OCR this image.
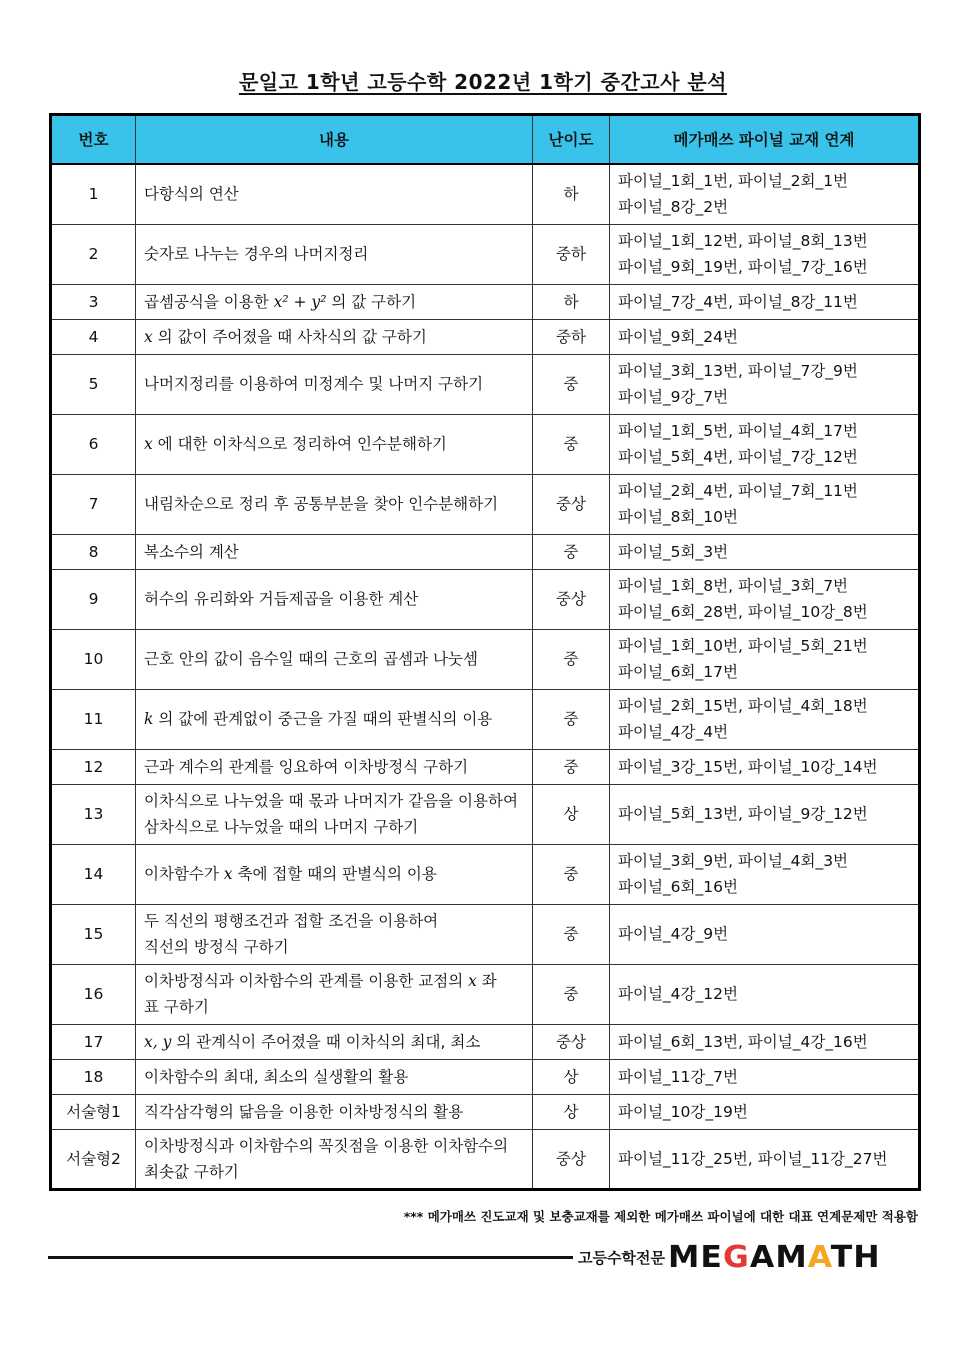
문일고 1학년 고등수학 2022년 1학기 중간고사 분석
번호	내용	난이도	메가매쓰 파이널 교재 연계
1	다항식의 연산	하	파이널_1회_1번, 파이널_2회_1번
파이널_8강_2번

2	숫자로 나누는 경우의 나머지정리	중하	파이널_1회_12번, 파이널_8회_13번
파이널_9회_19번, 파이널_7강_16번

3	곱셈공식을 이용한 x² + y² 의 값 구하기	하	파이널_7강_4번, 파이널_8강_11번

4	x 의 값이 주어졌을 때 사차식의 값 구하기	중하	파이널_9회_24번

5	나머지정리를 이용하여 미정계수 및 나머지 구하기	중	파이널_3회_13번, 파이널_7강_9번
파이널_9강_7번

6	x 에 대한 이차식으로 정리하여 인수분해하기	중	파이널_1회_5번, 파이널_4회_17번
파이널_5회_4번, 파이널_7강_12번

7	내림차순으로 정리 후 공통부분을 찾아 인수분해하기	중상	파이널_2회_4번, 파이널_7회_11번
파이널_8회_10번

8	복소수의 계산	중	파이널_5회_3번

9	허수의 유리화와 거듭제곱을 이용한 계산	중상	파이널_1회_8번, 파이널_3회_7번
파이널_6회_28번, 파이널_10강_8번

10	근호 안의 값이 음수일 때의 근호의 곱셈과 나눗셈	중	파이널_1회_10번, 파이널_5회_21번
파이널_6회_17번

11	k 의 값에 관계없이 중근을 가질 때의 판별식의 이용	중	파이널_2회_15번, 파이널_4회_18번
파이널_4강_4번

12	근과 계수의 관계를 잉요하여 이차방정식 구하기	중	파이널_3강_15번, 파이널_10강_14번

13	이차식으로 나누었을 때 몫과 나머지가 같음을 이용하여
삼차식으로 나누었을 때의 나머지 구하기	상	파이널_5회_13번, 파이널_9강_12번

14	이차함수가 x 축에 접할 때의 판별식의 이용	중	파이널_3회_9번, 파이널_4회_3번
파이널_6회_16번

15	두 직선의 평행조건과 접할 조건을 이용하여
직선의 방정식 구하기	중	파이널_4강_9번

16	이차방정식과 이차함수의 관계를 이용한 교점의 x 좌
표 구하기	중	파이널_4강_12번

17	x, y 의 관계식이 주어졌을 때 이차식의 최대, 최소	중상	파이널_6회_13번, 파이널_4강_16번

18	이차함수의 최대, 최소의 실생활의 활용	상	파이널_11강_7번

서술형1	직각삼각형의 닮음을 이용한 이차방정식의 활용	상	파이널_10강_19번

서술형2	이차방정식과 이차함수의 꼭짓점을 이용한 이차함수의
최솟값 구하기	중상	파이널_11강_25번, 파이널_11강_27번
*** 메가매쓰 진도교재 및 보충교재를 제외한 메가매쓰 파이널에 대한 대표 연계문제만 적용함
고등수학전문 MEGAMATH
